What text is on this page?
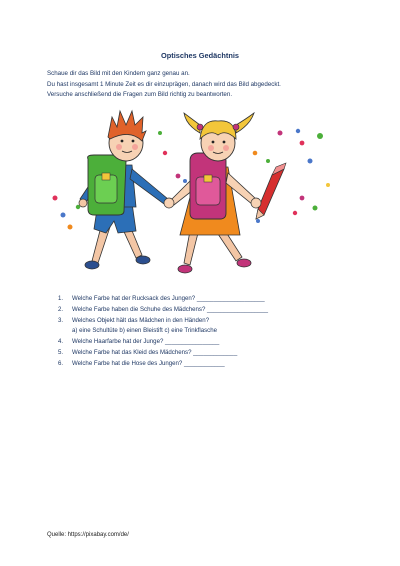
Optisches Gedächtnis
Schaue dir das Bild mit den Kindern ganz genau an.
Du hast insgesamt 1 Minute Zeit es dir einzuprägen, danach wird das Bild abgedeckt.
Versuche anschließend die Fragen zum Bild richtig zu beantworten.
1. Welche Farbe hat der Rucksack des Jungen? ____________________
2. Welche Farbe haben die Schuhe des Mädchens? __________________
3. Welches Objekt hält das Mädchen in den Händen?
a) eine Schultüte b) einen Bleistift c) eine Trinkflasche
4. Welche Haarfarbe hat der Junge? ________________
5. Welche Farbe hat das Kleid des Mädchens? _____________
6. Welche Farbe hat die Hose des Jungen? ____________
Quelle: https://pixabay.com/de/
